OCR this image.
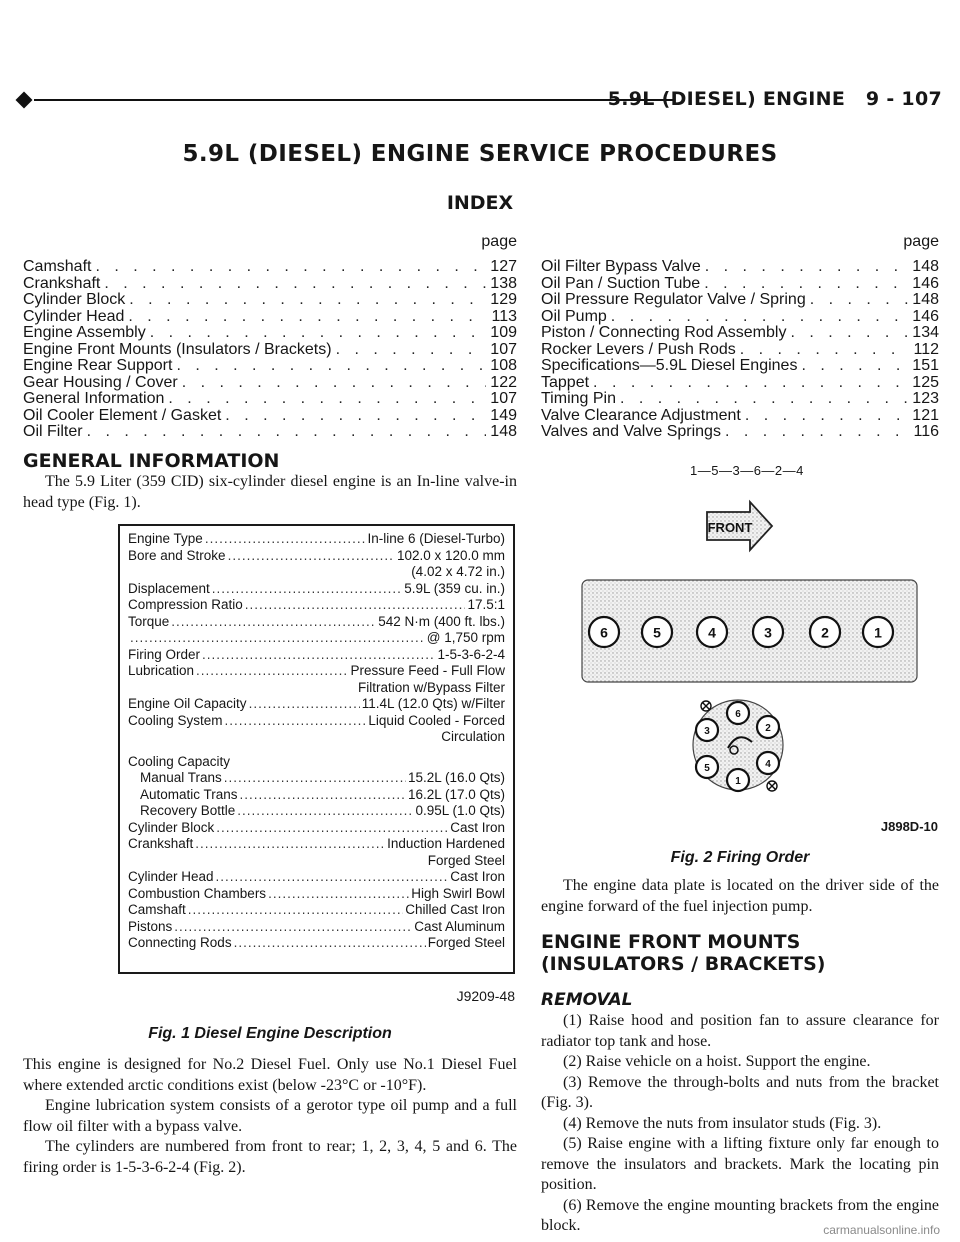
5.9L (DIESEL) ENGINE 9 - 107
5.9L (DIESEL) ENGINE SERVICE PROCEDURES
INDEX
page
Camshaft . . .	127
Crankshaft . . .	138
Cylinder Block . . .	129
Cylinder Head . . .	113
Engine Assembly . . .	109
Engine Front Mounts (Insulators / Brackets) . . .	107
Engine Rear Support . . .	108
Gear Housing / Cover . . .	122
General Information . . .	107
Oil Cooler Element / Gasket . . .	149
Oil Filter . . .	148
page
Oil Filter Bypass Valve . . .	148
Oil Pan / Suction Tube . . .	146
Oil Pressure Regulator Valve / Spring . . .	148
Oil Pump . . .	146
Piston / Connecting Rod Assembly . . .	134
Rocker Levers / Push Rods . . .	112
Specifications—5.9L Diesel Engines . . .	151
Tappet . . .	125
Timing Pin . . .	123
Valve Clearance Adjustment . . .	121
Valves and Valve Springs . . .	116
GENERAL INFORMATION
The 5.9 Liter (359 CID) six-cylinder diesel engine is an In-line valve-in head type (Fig. 1).
Engine Type .....	In-line 6 (Diesel-Turbo)
Bore and Stroke .....	102.0 x 120.0 mm
(4.02 x 4.72 in.)
Displacement .....	5.9L (359 cu. in.)
Compression Ratio .....	17.5:1
Torque .....	542 N·m (400 ft. lbs.)
.....
@ 1,750 rpm
Firing Order .....	1-5-3-6-2-4
Lubrication .....	Pressure Feed - Full Flow
Filtration w/Bypass Filter
Engine Oil Capacity .....	11.4L (12.0 Qts) w/Filter
Cooling System .....	Liquid Cooled - Forced
Circulation
Cooling Capacity
Manual Trans .....	15.2L (16.0 Qts)
Automatic Trans .....	16.2L (17.0 Qts)
Recovery Bottle .....	0.95L (1.0 Qts)
Cylinder Block .....	Cast Iron
Crankshaft .....	Induction Hardened
Forged Steel
Cylinder Head .....	Cast Iron
Combustion Chambers .....	High Swirl Bowl
Camshaft .....	Chilled Cast Iron
Pistons .....	Cast Aluminum
Connecting Rods .....	Forged Steel
J9209-48
Fig. 1 Diesel Engine Description

This engine is designed for No.2 Diesel Fuel. Only use No.1 Diesel Fuel where extended arctic conditions exist (below -23°C or -10°F).

Engine lubrication system consists of a gerotor type oil pump and a full flow oil filter with a bypass valve.

The cylinders are numbered from front to rear; 1, 2, 3, 4, 5 and 6. The firing order is 1-5-3-6-2-4 (Fig. 2).

1—5—3—6—2—4
FRONT
6	5	4	3	2	1
6
2
4
1
5
3
J898D-10
Fig. 2 Firing Order
The engine data plate is located on the driver side of the engine forward of the fuel injection pump.
ENGINE FRONT MOUNTS (INSULATORS / BRACKETS)
REMOVAL

(1) Raise hood and position fan to assure clearance for radiator top tank and hose.

(2) Raise vehicle on a hoist. Support the engine.

(3) Remove the through-bolts and nuts from the bracket (Fig. 3).

(4) Remove the nuts from insulator studs (Fig. 3).

(5) Raise engine with a lifting fixture only far enough to remove the insulators and brackets. Mark the locating pin position.

(6) Remove the engine mounting brackets from the engine block.	carmanualsonline.info
